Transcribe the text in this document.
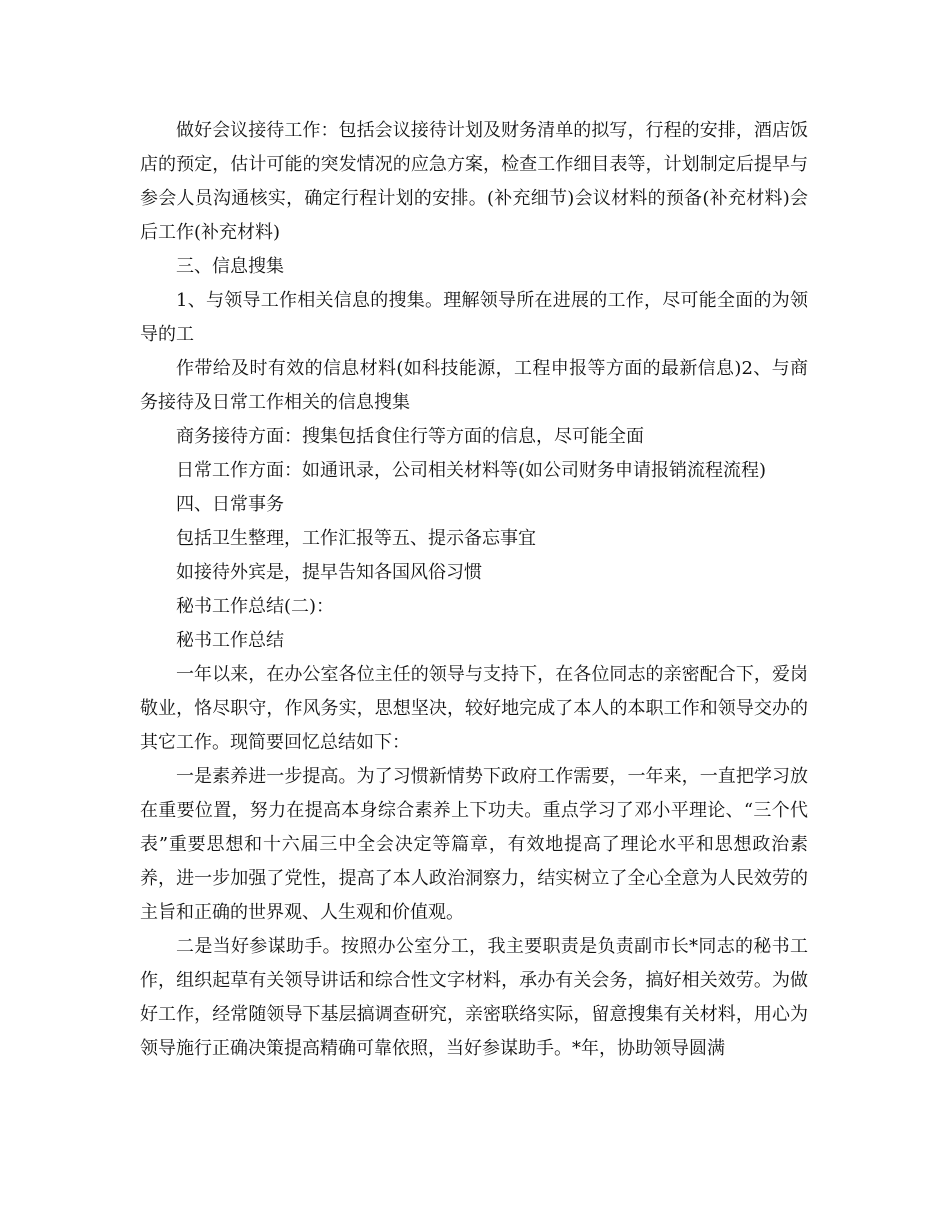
做好会议接待工作：包括会议接待计划及财务清单的拟写，行程的安排，酒店饭店的预定，估计可能的突发情况的应急方案，检查工作细目表等，计划制定后提早与参会人员沟通核实，确定行程计划的安排。(补充细节)会议材料的预备(补充材料)会后工作(补充材料)

三、信息搜集

1、与领导工作相关信息的搜集。理解领导所在进展的工作，尽可能全面的为领导的工

作带给及时有效的信息材料(如科技能源，工程申报等方面的最新信息)2、与商务接待及日常工作相关的信息搜集

商务接待方面：搜集包括食住行等方面的信息，尽可能全面

日常工作方面：如通讯录，公司相关材料等(如公司财务申请报销流程流程)

四、日常事务

包括卫生整理，工作汇报等五、提示备忘事宜

如接待外宾是，提早告知各国风俗习惯

秘书工作总结(二)：

秘书工作总结

一年以来，在办公室各位主任的领导与支持下，在各位同志的亲密配合下，爱岗敬业，恪尽职守，作风务实，思想坚决，较好地完成了本人的本职工作和领导交办的其它工作。现简要回忆总结如下：

一是素养进一步提高。为了习惯新情势下政府工作需要，一年来，一直把学习放在重要位置，努力在提高本身综合素养上下功夫。重点学习了邓小平理论、“三个代表”重要思想和十六届三中全会决定等篇章，有效地提高了理论水平和思想政治素养，进一步加强了党性，提高了本人政治洞察力，结实树立了全心全意为人民效劳的主旨和正确的世界观、人生观和价值观。

二是当好参谋助手。按照办公室分工，我主要职责是负责副市长*同志的秘书工作，组织起草有关领导讲话和综合性文字材料，承办有关会务，搞好相关效劳。为做好工作，经常随领导下基层搞调查研究，亲密联络实际，留意搜集有关材料，用心为领导施行正确决策提高精确可靠依照，当好参谋助手。*年，协助领导圆满
